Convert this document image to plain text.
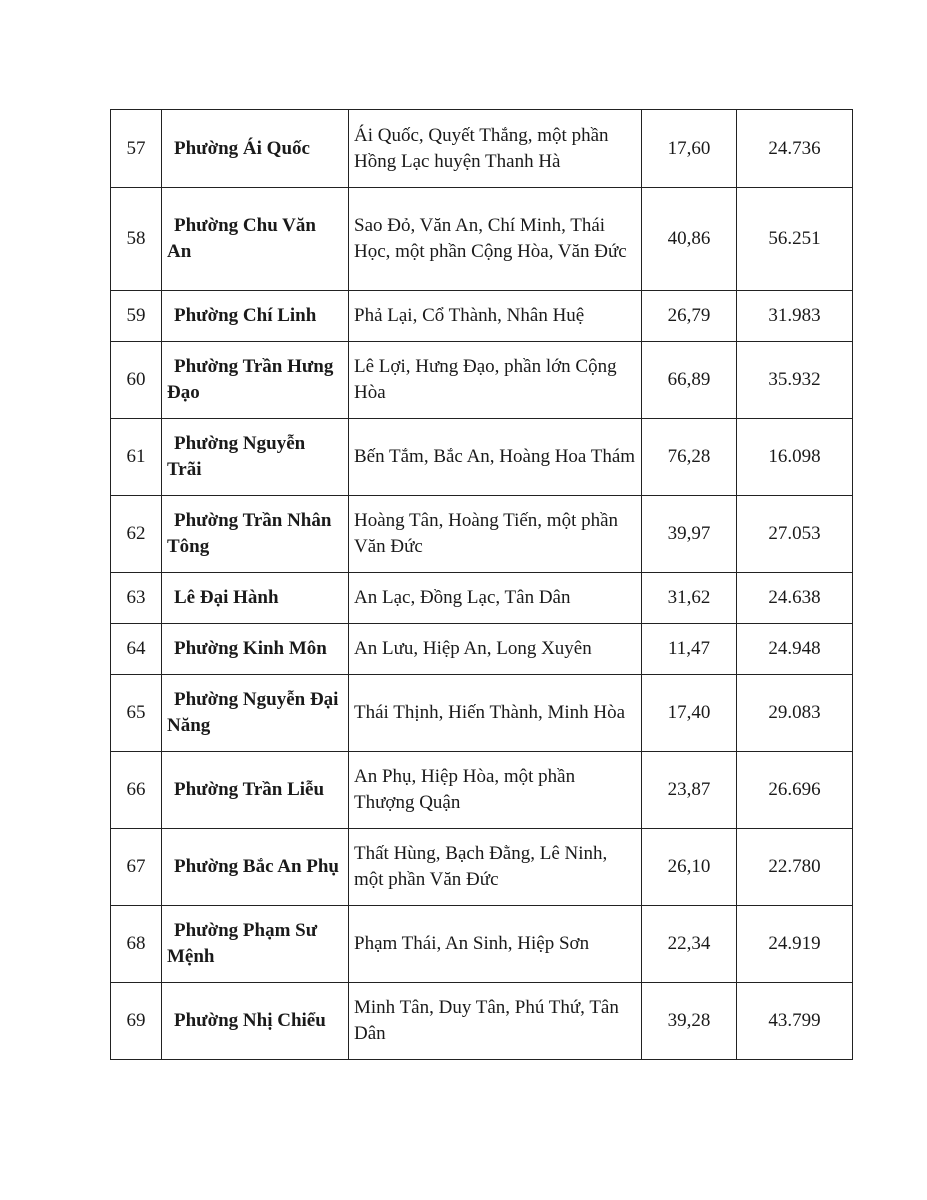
57	Phường Ái Quốc	Ái Quốc, Quyết Thắng, một phần Hồng Lạc huyện Thanh Hà	17,60	24.736
58	Phường Chu Văn An	Sao Đỏ, Văn An, Chí Minh, Thái Học, một phần Cộng Hòa, Văn Đức	40,86	56.251
59	Phường Chí Linh	Phả Lại, Cổ Thành, Nhân Huệ	26,79	31.983
60	Phường Trần Hưng Đạo	Lê Lợi, Hưng Đạo, phần lớn Cộng Hòa	66,89	35.932
61	Phường Nguyễn Trãi	Bến Tắm, Bắc An, Hoàng Hoa Thám	76,28	16.098
62	Phường Trần Nhân Tông	Hoàng Tân, Hoàng Tiến, một phần Văn Đức	39,97	27.053
63	Lê Đại Hành	An Lạc, Đồng Lạc, Tân Dân	31,62	24.638
64	Phường Kinh Môn	An Lưu, Hiệp An, Long Xuyên	11,47	24.948
65	Phường Nguyễn Đại Năng	Thái Thịnh, Hiến Thành, Minh Hòa	17,40	29.083
66	Phường Trần Liễu	An Phụ, Hiệp Hòa, một phần Thượng Quận	23,87	26.696
67	Phường Bắc An Phụ	Thất Hùng, Bạch Đằng, Lê Ninh, một phần Văn Đức	26,10	22.780
68	Phường Phạm Sư Mệnh	Phạm Thái, An Sinh, Hiệp Sơn	22,34	24.919
69	Phường Nhị Chiểu	Minh Tân, Duy Tân, Phú Thứ, Tân Dân	39,28	43.799
